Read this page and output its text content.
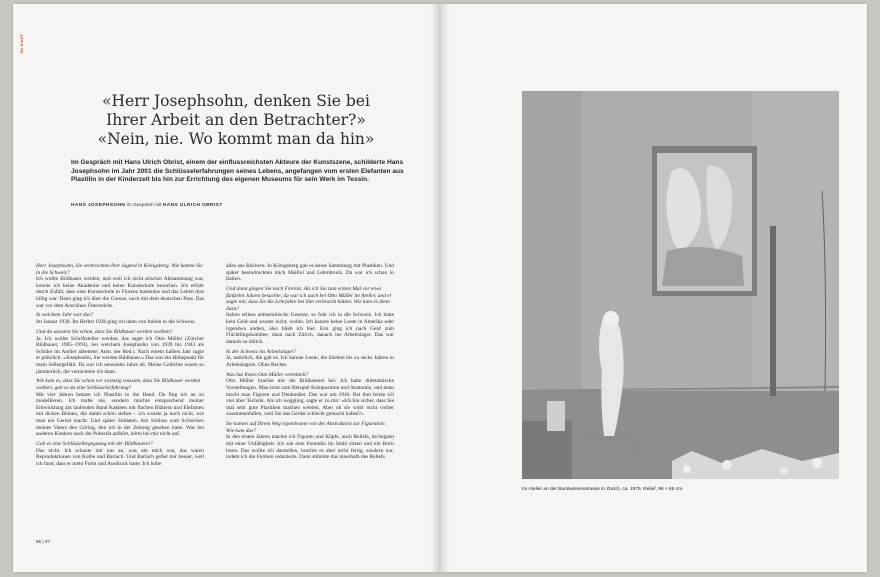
ZU GAST
«Herr Josephsohn, denken Sie bei
Ihrer Arbeit an den Betrachter?»
«Nein, nie. Wo kommt man da hin»
Im Gespräch mit Hans Ulrich Obrist, einem der einflussreichsten Akteure der Kunstszene, schilderte Hans Josephsohn im Jahr 2001 die Schlüsselerfahrungen seines Lebens, angefangen vom ersten Elefanten aus Plastilin in der Kinderzeit bis hin zur Errichtung des eigenen Museums für sein Werk im Tessin.
HANS JOSEPHSOHN im Gespräch mit HANS ULRICH OBRIST

Herr Josephsohn, Sie verbrachten Ihre Jugend in Königsberg. Wie kamen Sie in die Schweiz?

Ich wollte Bildhauer werden, und weil ich nicht arischer Abstammung war, konnte ich keine Akademie und keine Kunstschule besuchen. Ich erfuhr durch Zufall, dass eine Kunstschule in Florenz kostenlos und das Leben dort billig war. Dann ging ich über die Grenze, noch mit dem deutschen Pass. Das war vor dem Anschluss Österreichs.

In welchem Jahr war das?

Im Januar 1938. Im Herbst 1938 ging ich dann von Italien in die Schweiz.

Und da wussten Sie schon, dass Sie Bildhauer werden wollten?

Ja. Ich wollte Schriftsteller werden, das sagte ich Otto Müller (Zürcher Bildhauer, 1905–1993), bei welchem Josephsohn von 1939 bis 1943 als Schüler im Atelier arbeitete; Anm. der Red.). Nach einem halben Jahr sagte er plötzlich: «Josephsohn, Sie werden Bildhauer.» Das war ein Höhepunkt für mein Selbstgefühl. Da war ich neunzehn Jahre alt. Meine Gedichte waren so jämmerlich, die vernichtete ich dann.

Wie kam es, dass Sie schon vor zwanzig wussten, dass Sie Bildhauer werden wollten, gab es da eine Schlüsselerfahrung?

Mit vier Jahren bekam ich Plastilin in die Hand. Da fing ich an zu modellieren. Ich malte nie, sondern machte entsprechend meiner Entwicklung am laufenden Band Kakteen mit flachen Blättern und Elefanten mit dicken Beinen, die damit schön stehen – ich wusste ja noch nicht, wie man ein Gerüst macht. Und später Soldaten. Am Schluss zum Schrecken meines Vaters den Göring, den ich in der Zeitung gesehen hatte. Was bei anderen Kindern nach der Pubertät aufhört, hörte bei mir nicht auf.

Gab es eine Schlüsselbegegnung mit der Bildhauerei?

Das nicht. Ich schaute mir nur an, was um mich war, das waren Reproduktionen von Kolbe und Barlach. Und Barlach gefiel mir besser, weil ich fand, dass er mehr Form und Ausdruck hatte. Ich holte

alles aus Büchern. In Königsberg gab es keine Sammlung mit Plastiken. Und später beeindruckten mich Maillol und Lehmbruck. Da war ich schon in Italien.

Und dann gingen Sie nach Florenz. Als ich Sie zum ersten Mal vor etwa fünfzehn Jahren besuchte, da war ich auch bei Otto Müller im Atelier, und er sagte mir, dass Sie die Lehrjahre bei ihm verbracht hätten. Wie kam es denn dazu?

Italien erliess antisemitische Gesetze, so fuhr ich in die Schweiz. Ich hatte kein Geld und wusste nicht, wohin. Ich kannte keine Leute in Amerika oder irgendwo anders, also blieb ich hier. Erst ging ich nach Genf zum Flüchtlingskomitee, dann nach Zürich, danach ins Arbeitslager. Das war damals so üblich.

In der Schweiz ins Arbeitslager?

Ja, natürlich, die gab es. Ich kannte Leute, die blieben bis zu sechs Jahren in Arbeitslagern. Ohne Rechte.

Was hat Ihnen Otto Müller vermittelt?

Otto Müller brachte mir die Bildhauerei bei. Ich hatte dilettantische Vorstellungen. Man lernt zum Beispiel Komposition und Anatomie, und dann macht man Figuren und Denkmäler. Das war um 1940. Bei ihm lernte ich viel über Technik. Als ich weggiing, sagte er zu mir: «Ich bin sicher, dass Sie mal sehr gute Plastiken machen werden. Aber ob sie wohl nicht vorher zusammenfallen, weil Sie das Gerüst schlecht gemacht haben?»

Sie kamen auf Ihrem Weg irgendwann von der Abstraktion zur Figuration. Wie kam das?

In den ersten Jahren machte ich Figuren und Köpfe, auch Reliefs, da begann mit einer Unfähigkeit. Ich sah eine Freundin im Stuhl sitzen und ein Buch lesen. Das wollte ich darstellen, brachte es aber nicht fertig, sondern nur, indem ich die Formen reduzierte. Dann stimmte das innerhalb des Reliefs.

96 | 97
Im Atelier an der Burstwiesenstrasse in Zürich, ca. 1975. Relief, 95 × 65 cm.
